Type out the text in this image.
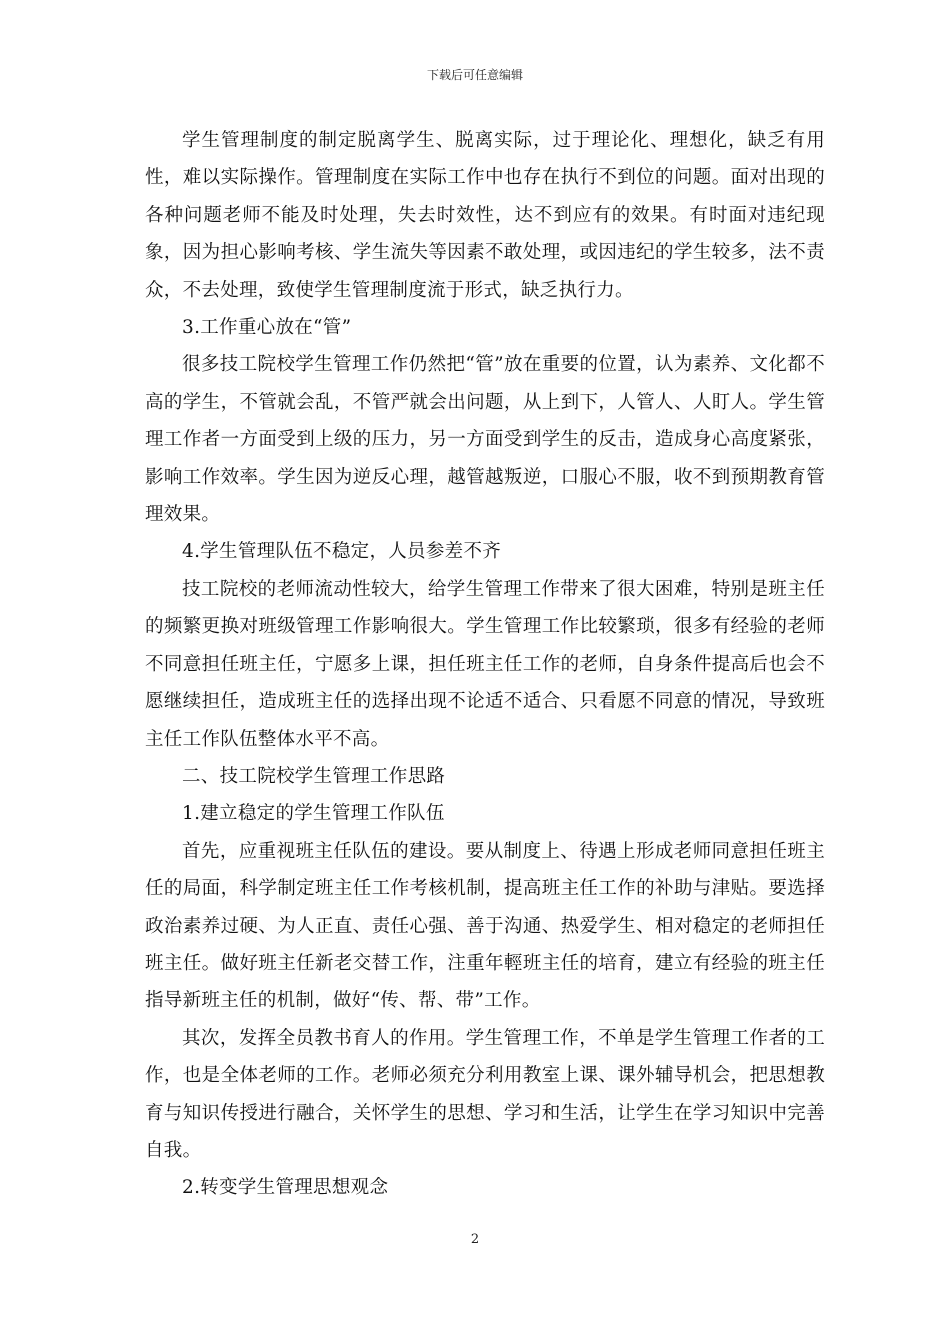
下载后可任意编辑

学生管理制度的制定脱离学生、脱离实际，过于理论化、理想化，缺乏有用性，难以实际操作。管理制度在实际工作中也存在执行不到位的问题。面对出现的各种问题老师不能及时处理，失去时效性，达不到应有的效果。有时面对违纪现象，因为担心影响考核、学生流失等因素不敢处理，或因违纪的学生较多，法不责众，不去处理，致使学生管理制度流于形式，缺乏执行力。

3.工作重心放在“管”

很多技工院校学生管理工作仍然把“管”放在重要的位置，认为素养、文化都不高的学生，不管就会乱，不管严就会出问题，从上到下，人管人、人盯人。学生管理工作者一方面受到上级的压力，另一方面受到学生的反击，造成身心高度紧张，影响工作效率。学生因为逆反心理，越管越叛逆，口服心不服，收不到预期教育管理效果。

4.学生管理队伍不稳定，人员参差不齐

技工院校的老师流动性较大，给学生管理工作带来了很大困难，特别是班主任的频繁更换对班级管理工作影响很大。学生管理工作比较繁琐，很多有经验的老师不同意担任班主任，宁愿多上课，担任班主任工作的老师，自身条件提高后也会不愿继续担任，造成班主任的选择出现不论适不适合、只看愿不同意的情况，导致班主任工作队伍整体水平不高。

二、技工院校学生管理工作思路

1.建立稳定的学生管理工作队伍

首先，应重视班主任队伍的建设。要从制度上、待遇上形成老师同意担任班主任的局面，科学制定班主任工作考核机制，提高班主任工作的补助与津贴。要选择政治素养过硬、为人正直、责任心强、善于沟通、热爱学生、相对稳定的老师担任班主任。做好班主任新老交替工作，注重年輕班主任的培育，建立有经验的班主任指导新班主任的机制，做好“传、帮、带”工作。

其次，发挥全员教书育人的作用。学生管理工作，不单是学生管理工作者的工作，也是全体老师的工作。老师必须充分利用教室上课、课外辅导机会，把思想教育与知识传授进行融合，关怀学生的思想、学习和生活，让学生在学习知识中完善自我。

2.转变学生管理思想观念

2
